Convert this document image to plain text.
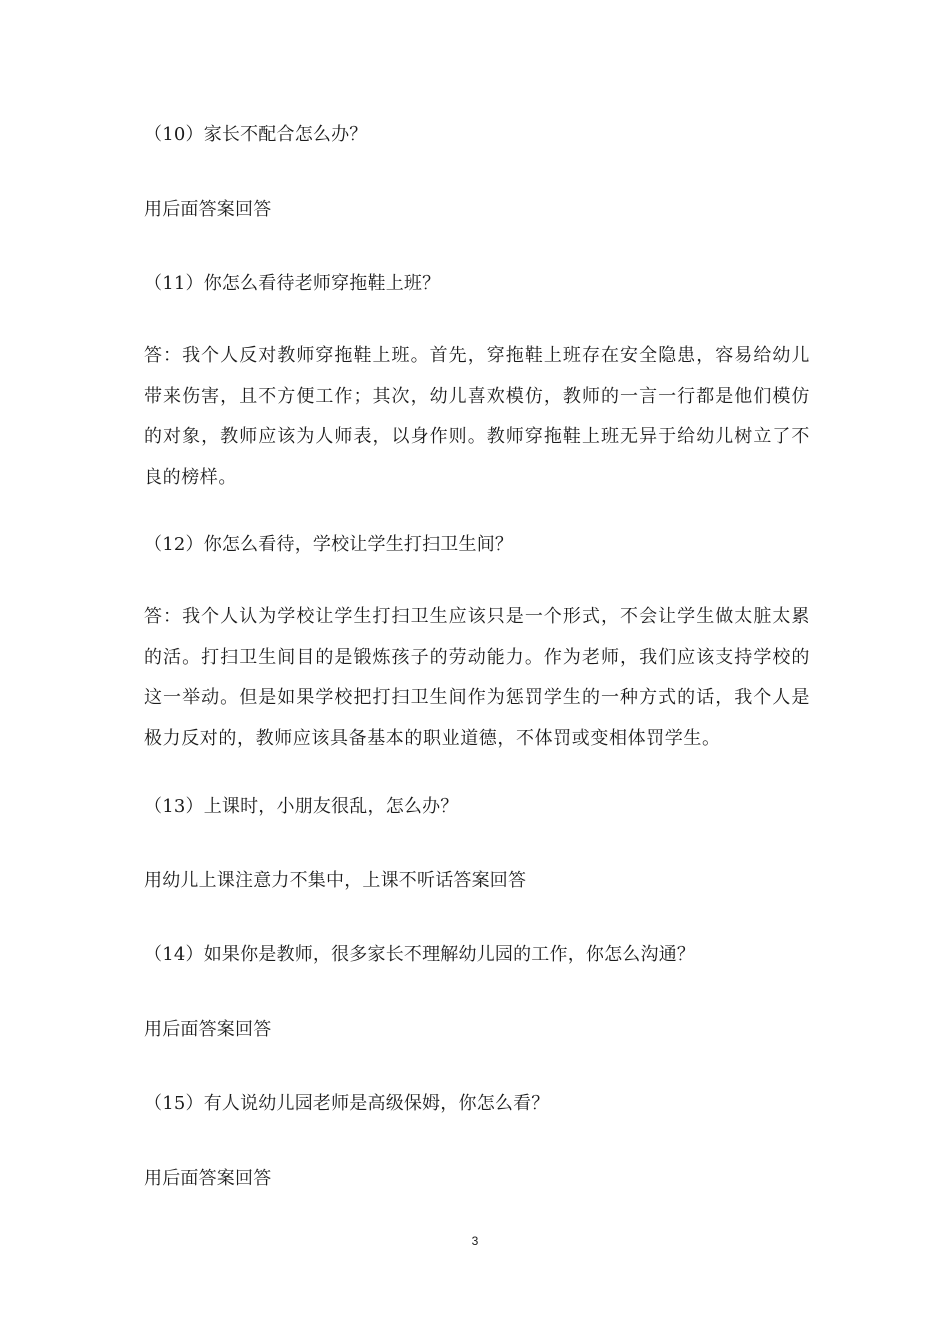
（10）家长不配合怎么办？
用后面答案回答
（11）你怎么看待老师穿拖鞋上班？
答：我个人反对教师穿拖鞋上班。首先，穿拖鞋上班存在安全隐患，容易给幼儿带来伤害，且不方便工作；其次，幼儿喜欢模仿，教师的一言一行都是他们模仿的对象，教师应该为人师表，以身作则。教师穿拖鞋上班无异于给幼儿树立了不良的榜样。
（12）你怎么看待，学校让学生打扫卫生间？
答：我个人认为学校让学生打扫卫生应该只是一个形式，不会让学生做太脏太累的活。打扫卫生间目的是锻炼孩子的劳动能力。作为老师，我们应该支持学校的这一举动。但是如果学校把打扫卫生间作为惩罚学生的一种方式的话，我个人是极力反对的，教师应该具备基本的职业道德，不体罚或变相体罚学生。
（13）上课时，小朋友很乱，怎么办？
用幼儿上课注意力不集中，上课不听话答案回答
（14）如果你是教师，很多家长不理解幼儿园的工作，你怎么沟通？
用后面答案回答
（15）有人说幼儿园老师是高级保姆，你怎么看？
用后面答案回答
3
